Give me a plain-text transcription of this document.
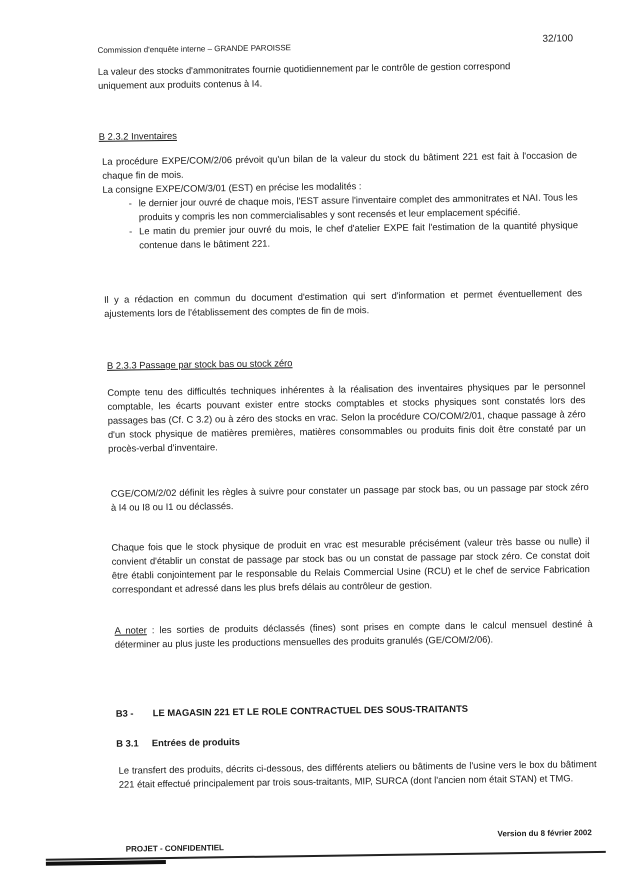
Commission d'enquête interne – GRANDE PAROISSE
32/100

La valeur des stocks d'ammonitrates fournie quotidiennement par le contrôle de gestion correspond

uniquement aux produits contenus à I4.

B 2.3.2 Inventaires

La procédure EXPE/COM/2/06 prévoit qu'un bilan de la valeur du stock du bâtiment 221 est fait à l'occasion de chaque fin de mois.

La consigne EXPE/COM/3/01 (EST) en précise les modalités :

- le dernier jour ouvré de chaque mois, l'EST assure l'inventaire complet des ammonitrates et NAI. Tous les produits y compris les non commercialisables y sont recensés et leur emplacement spécifié.
- Le matin du premier jour ouvré du mois, le chef d'atelier EXPE fait l'estimation de la quantité physique contenue dans le bâtiment 221.
Il y a rédaction en commun du document d'estimation qui sert d'information et permet éventuellement des ajustements lors de l'établissement des comptes de fin de mois.
B 2.3.3 Passage par stock bas ou stock zéro
Compte tenu des difficultés techniques inhérentes à la réalisation des inventaires physiques par le personnel comptable, les écarts pouvant exister entre stocks comptables et stocks physiques sont constatés lors des passages bas (Cf. C 3.2) ou à zéro des stocks en vrac. Selon la procédure CO/COM/2/01, chaque passage à zéro d'un stock physique de matières premières, matières consommables ou produits finis doit être constaté par un procès-verbal d'inventaire.
CGE/COM/2/02 définit les règles à suivre pour constater un passage par stock bas, ou un passage par stock zéro à I4 ou I8 ou I1 ou déclassés.
Chaque fois que le stock physique de produit en vrac est mesurable précisément (valeur très basse ou nulle) il convient d'établir un constat de passage par stock bas ou un constat de passage par stock zéro. Ce constat doit être établi conjointement par le responsable du Relais Commercial Usine (RCU) et le chef de service Fabrication correspondant et adressé dans les plus brefs délais au contrôleur de gestion.
A noter : les sorties de produits déclassés (fines) sont prises en compte dans le calcul mensuel destiné à déterminer au plus juste les productions mensuelles des produits granulés (GE/COM/2/06).
B3 - LE MAGASIN 221 ET LE ROLE CONTRACTUEL DES SOUS-TRAITANTS
B 3.1 Entrées de produits
Le transfert des produits, décrits ci-dessous, des différents ateliers ou bâtiments de l'usine vers le box du bâtiment 221 était effectué principalement par trois sous-traitants, MIP, SURCA (dont l'ancien nom était STAN) et TMG.
Version du 8 février 2002
PROJET - CONFIDENTIEL
